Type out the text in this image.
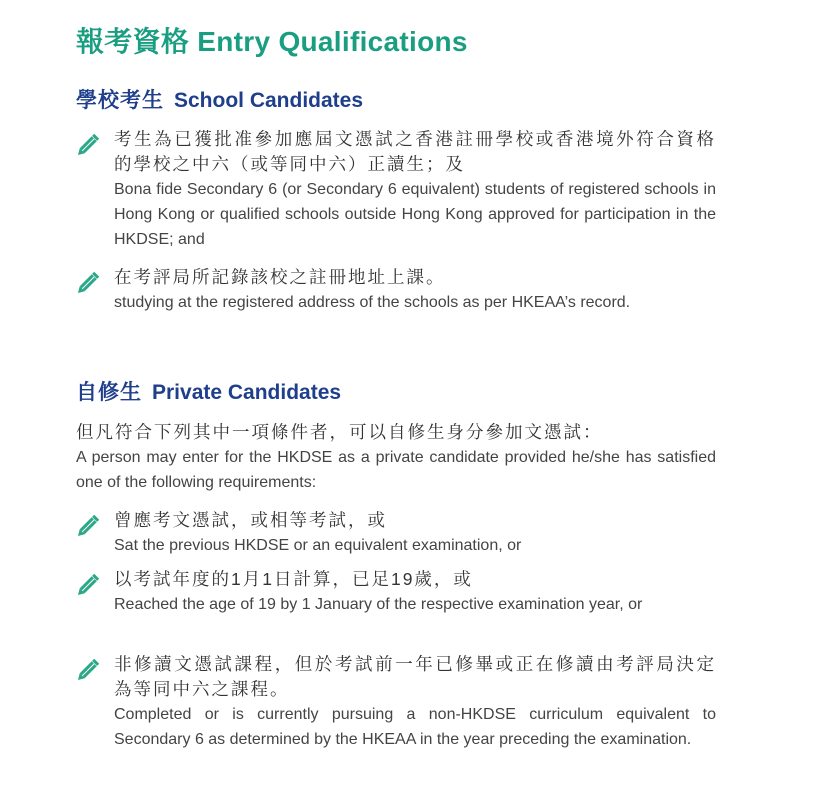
報考資格 Entry Qualifications
學校考生 School Candidates
考生為已獲批准參加應屆文憑試之香港註冊學校或香港境外符合資格的學校之中六（或等同中六）正讀生；及
Bona fide Secondary 6 (or Secondary 6 equivalent) students of registered schools in Hong Kong or qualified schools outside Hong Kong approved for participation in the HKDSE; and
在考評局所記錄該校之註冊地址上課。
studying at the registered address of the schools as per HKEAA’s record.
自修生 Private Candidates
但凡符合下列其中一項條件者，可以自修生身分參加文憑試：
A person may enter for the HKDSE as a private candidate provided he/she has satisfied one of the following requirements:
曾應考文憑試，或相等考試，或
Sat the previous HKDSE or an equivalent examination, or
以考試年度的1月1日計算，已足19歲，或
Reached the age of 19 by 1 January of the respective examination year, or
非修讀文憑試課程，但於考試前一年已修畢或正在修讀由考評局決定為等同中六之課程。
Completed or is currently pursuing a non-HKDSE curriculum equivalent to Secondary 6 as determined by the HKEAA in the year preceding the examination.
